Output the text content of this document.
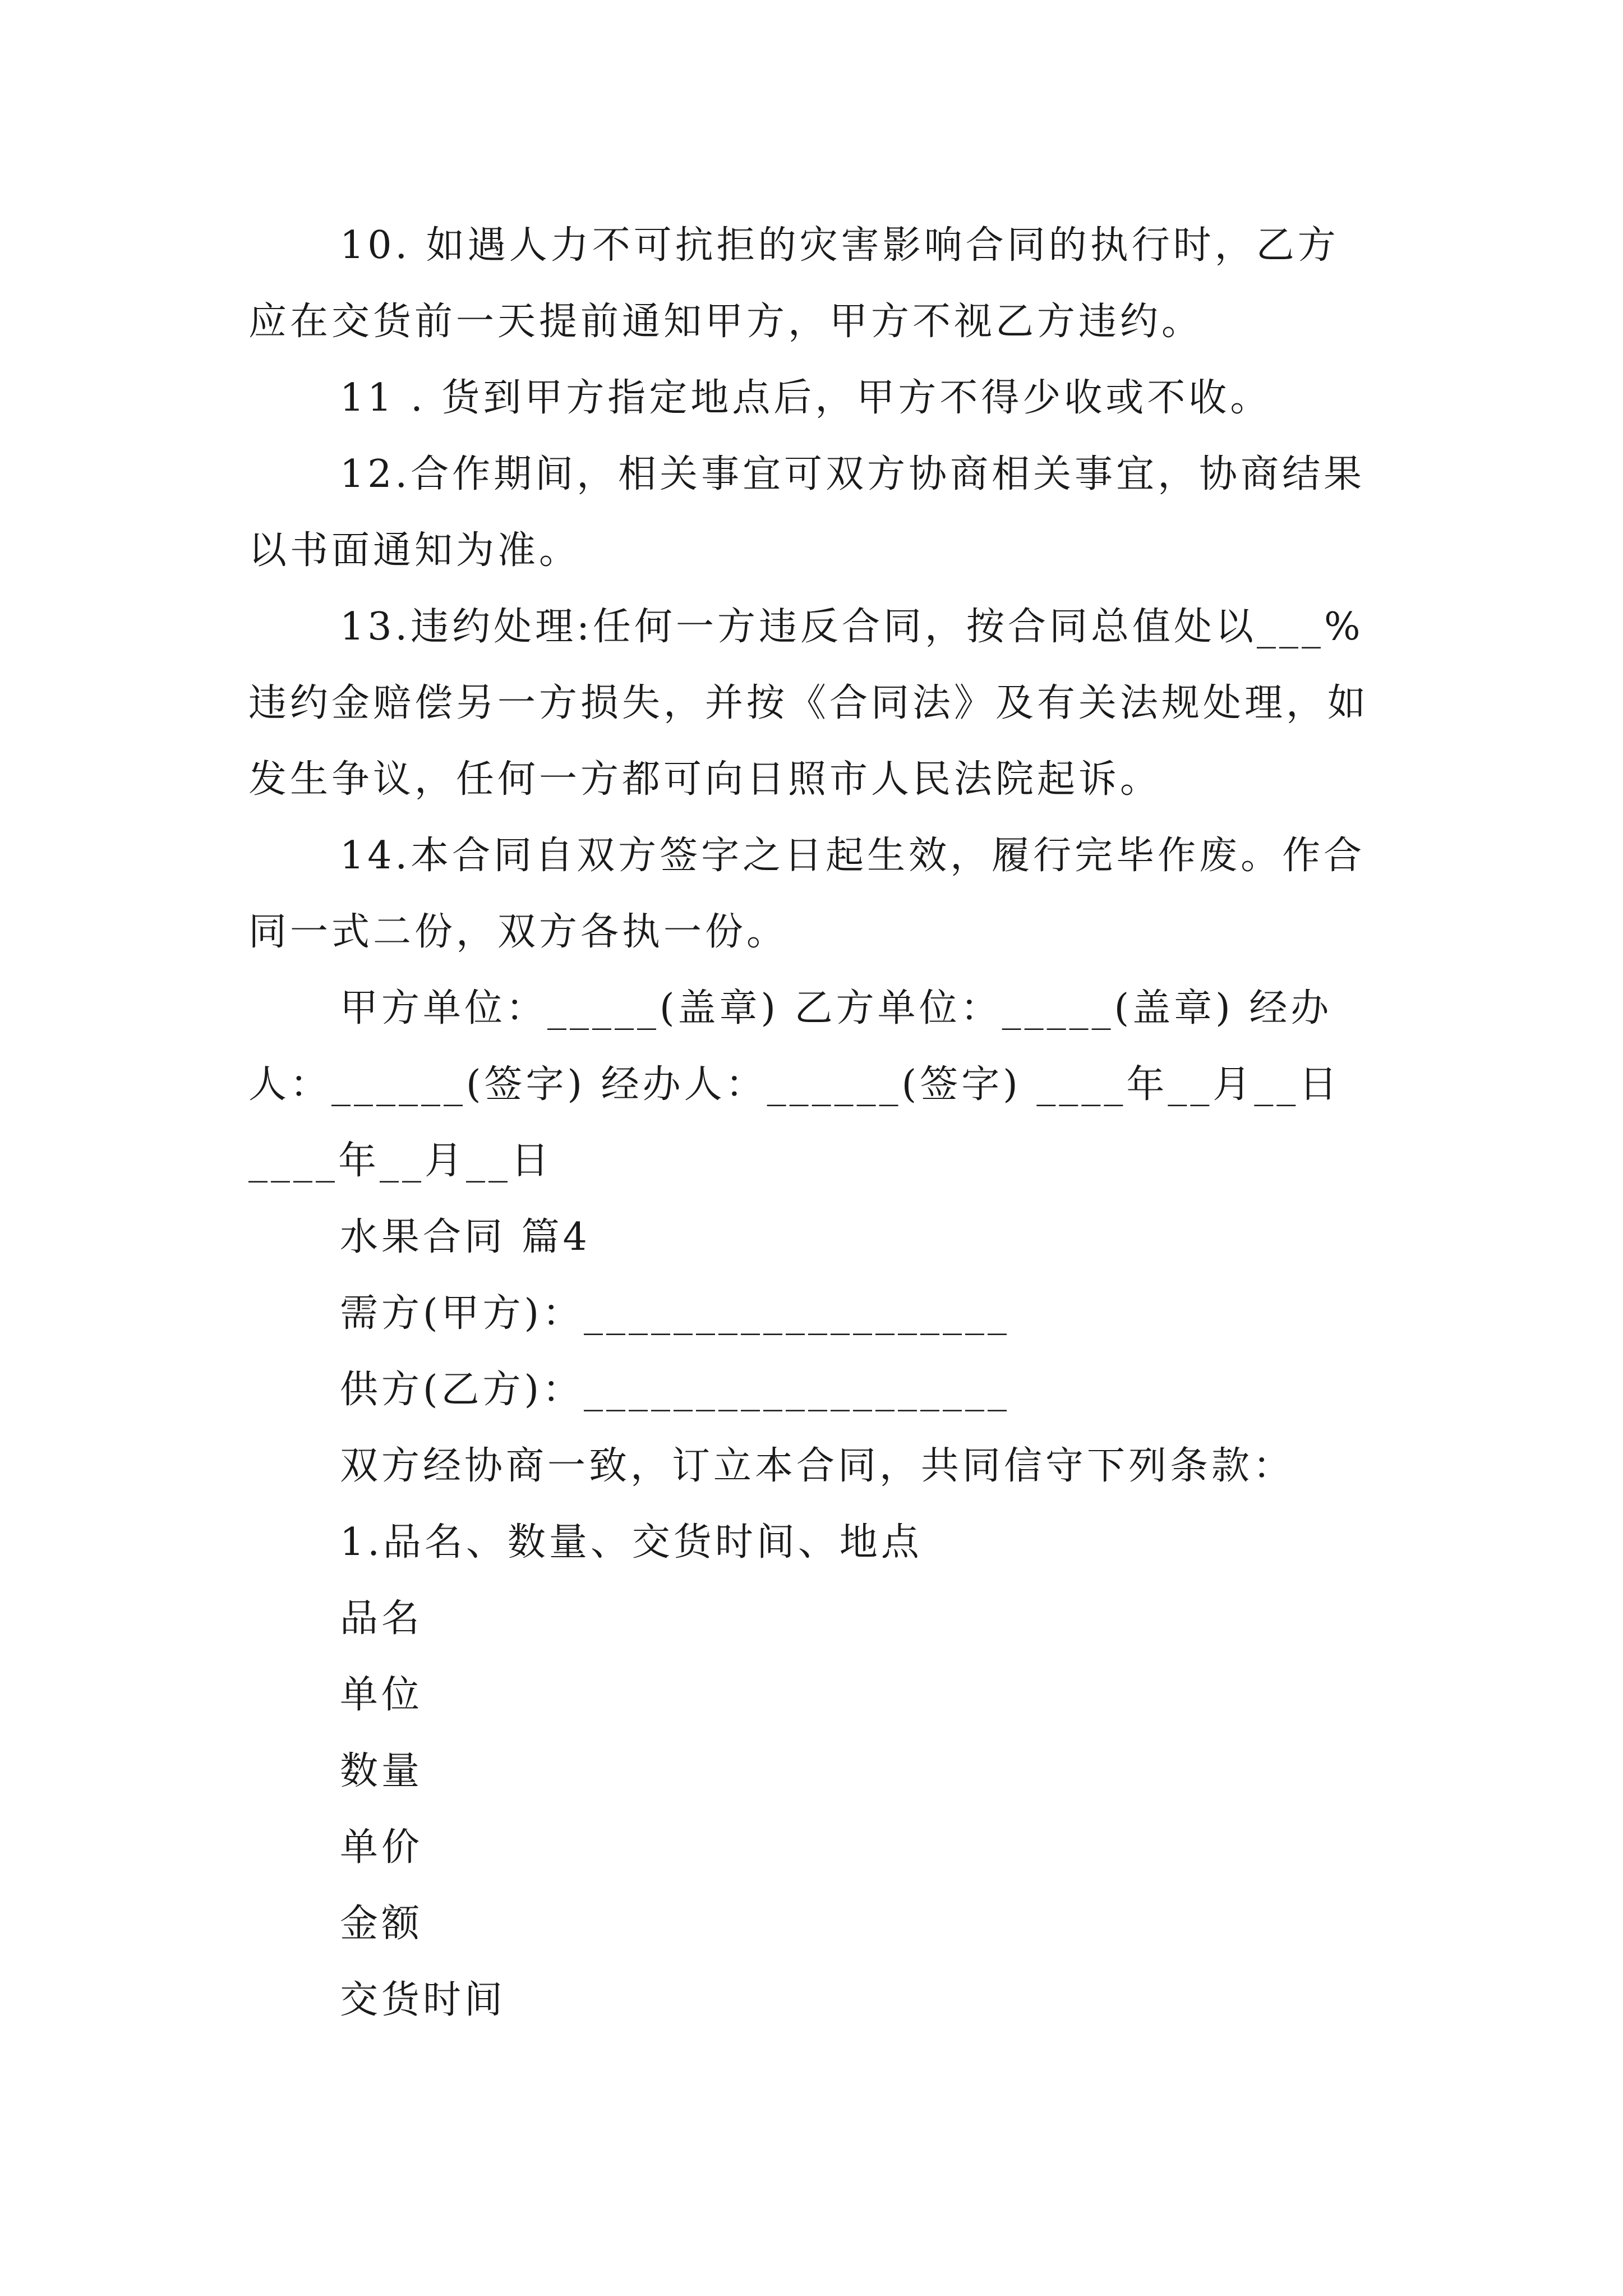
10. 如遇人力不可抗拒的灾害影响合同的执行时，乙方应在交货前一天提前通知甲方，甲方不视乙方违约。

11 . 货到甲方指定地点后，甲方不得少收或不收。

12.合作期间，相关事宜可双方协商相关事宜，协商结果以书面通知为准。

13.违约处理:任何一方违反合同，按合同总值处以___%违约金赔偿另一方损失，并按《合同法》及有关法规处理，如发生争议，任何一方都可向日照市人民法院起诉。

14.本合同自双方签字之日起生效，履行完毕作废。作合同一式二份，双方各执一份。

甲方单位：_____(盖章) 乙方单位：_____(盖章) 经办人：______(签字) 经办人：______(签字) ____年__月__日 ____年__月__日

水果合同 篇4

需方(甲方)：___________________

供方(乙方)：___________________

双方经协商一致，订立本合同，共同信守下列条款：

1.品名、数量、交货时间、地点

品名

单位

数量

单价

金额

交货时间
